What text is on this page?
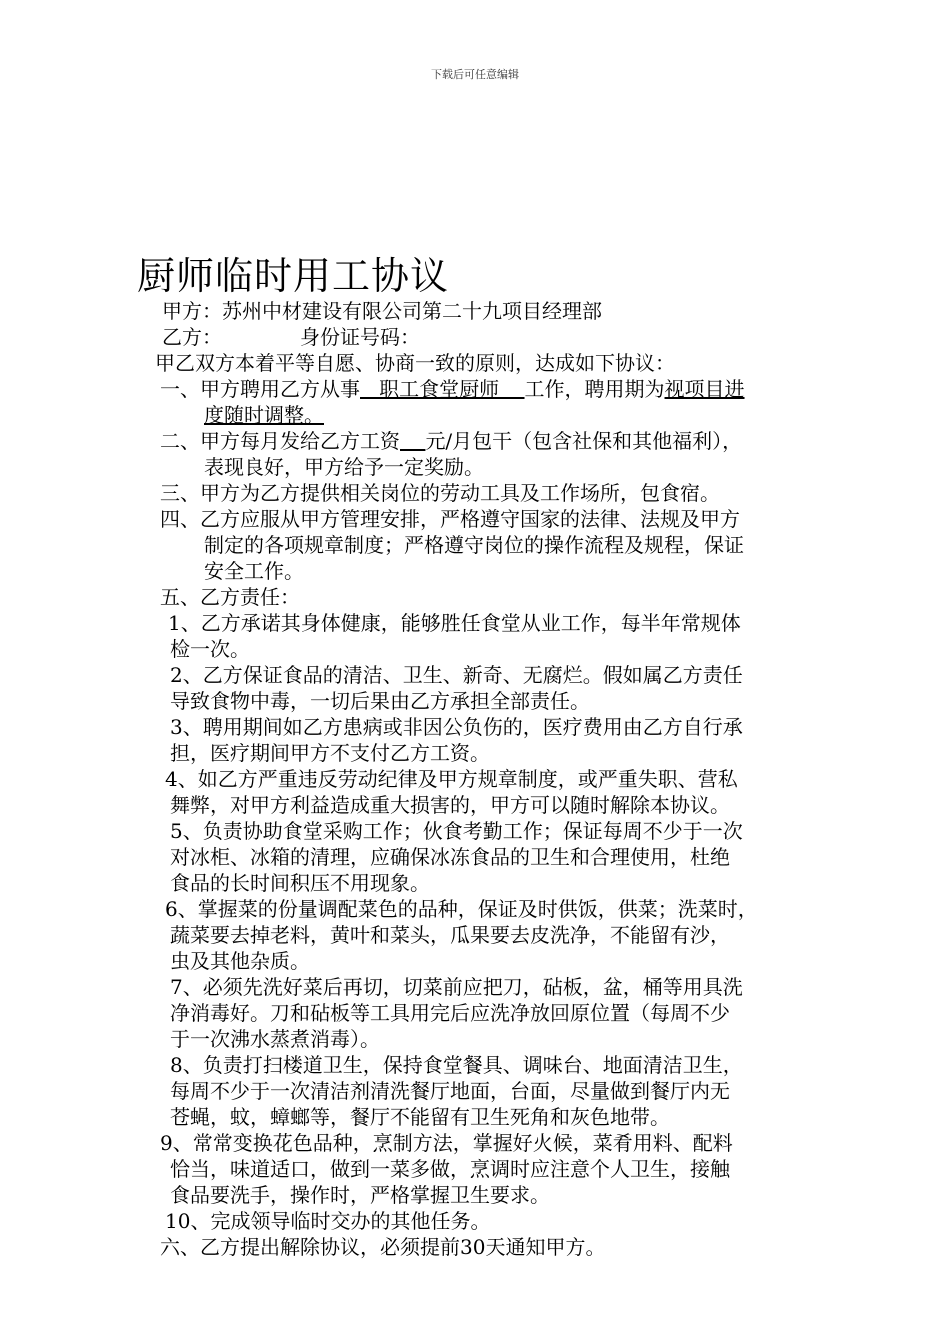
下载后可任意编辑
厨师临时用工协议
甲方：苏州中材建设有限公司第二十九项目经理部
乙方：	身份证号码：
甲乙双方本着平等自愿、协商一致的原则，达成如下协议：
一、甲方聘用乙方从事   职工食堂厨师    工作，聘用期为视项目进
度随时调整。
二、甲方每月发给乙方工资 元/月包干（包含社保和其他福利），
表现良好，甲方给予一定奖励。
三、甲方为乙方提供相关岗位的劳动工具及工作场所，包食宿。
四、乙方应服从甲方管理安排，严格遵守国家的法律、法规及甲方
制定的各项规章制度；严格遵守岗位的操作流程及规程，保证
安全工作。
五、乙方责任：
1、乙方承诺其身体健康，能够胜任食堂从业工作，每半年常规体
检一次。
2、乙方保证食品的清洁、卫生、新奇、无腐烂。假如属乙方责任
导致食物中毒，一切后果由乙方承担全部责任。
3、聘用期间如乙方患病或非因公负伤的，医疗费用由乙方自行承
担，医疗期间甲方不支付乙方工资。
4、如乙方严重违反劳动纪律及甲方规章制度，或严重失职、营私
舞弊，对甲方利益造成重大损害的，甲方可以随时解除本协议。
5、负责协助食堂采购工作；伙食考勤工作；保证每周不少于一次
对冰柜、冰箱的清理，应确保冰冻食品的卫生和合理使用，杜绝
食品的长时间积压不用现象。
6、掌握菜的份量调配菜色的品种，保证及时供饭，供菜；洗菜时，
蔬菜要去掉老料，黄叶和菜头，瓜果要去皮洗净，不能留有沙，
虫及其他杂质。
7、必须先洗好菜后再切，切菜前应把刀，砧板，盆，桶等用具洗
净消毒好。刀和砧板等工具用完后应洗净放回原位置（每周不少
于一次沸水蒸煮消毒）。
8、负责打扫楼道卫生，保持食堂餐具、调味台、地面清洁卫生，
每周不少于一次清洁剂清洗餐厅地面，台面，尽量做到餐厅内无
苍蝇，蚊，蟑螂等，餐厅不能留有卫生死角和灰色地带。
9、常常变换花色品种，烹制方法，掌握好火候，菜肴用料、配料
恰当，味道适口，做到一菜多做，烹调时应注意个人卫生，接触
食品要洗手，操作时，严格掌握卫生要求。
10、完成领导临时交办的其他任务。
六、乙方提出解除协议，必须提前30天通知甲方。
